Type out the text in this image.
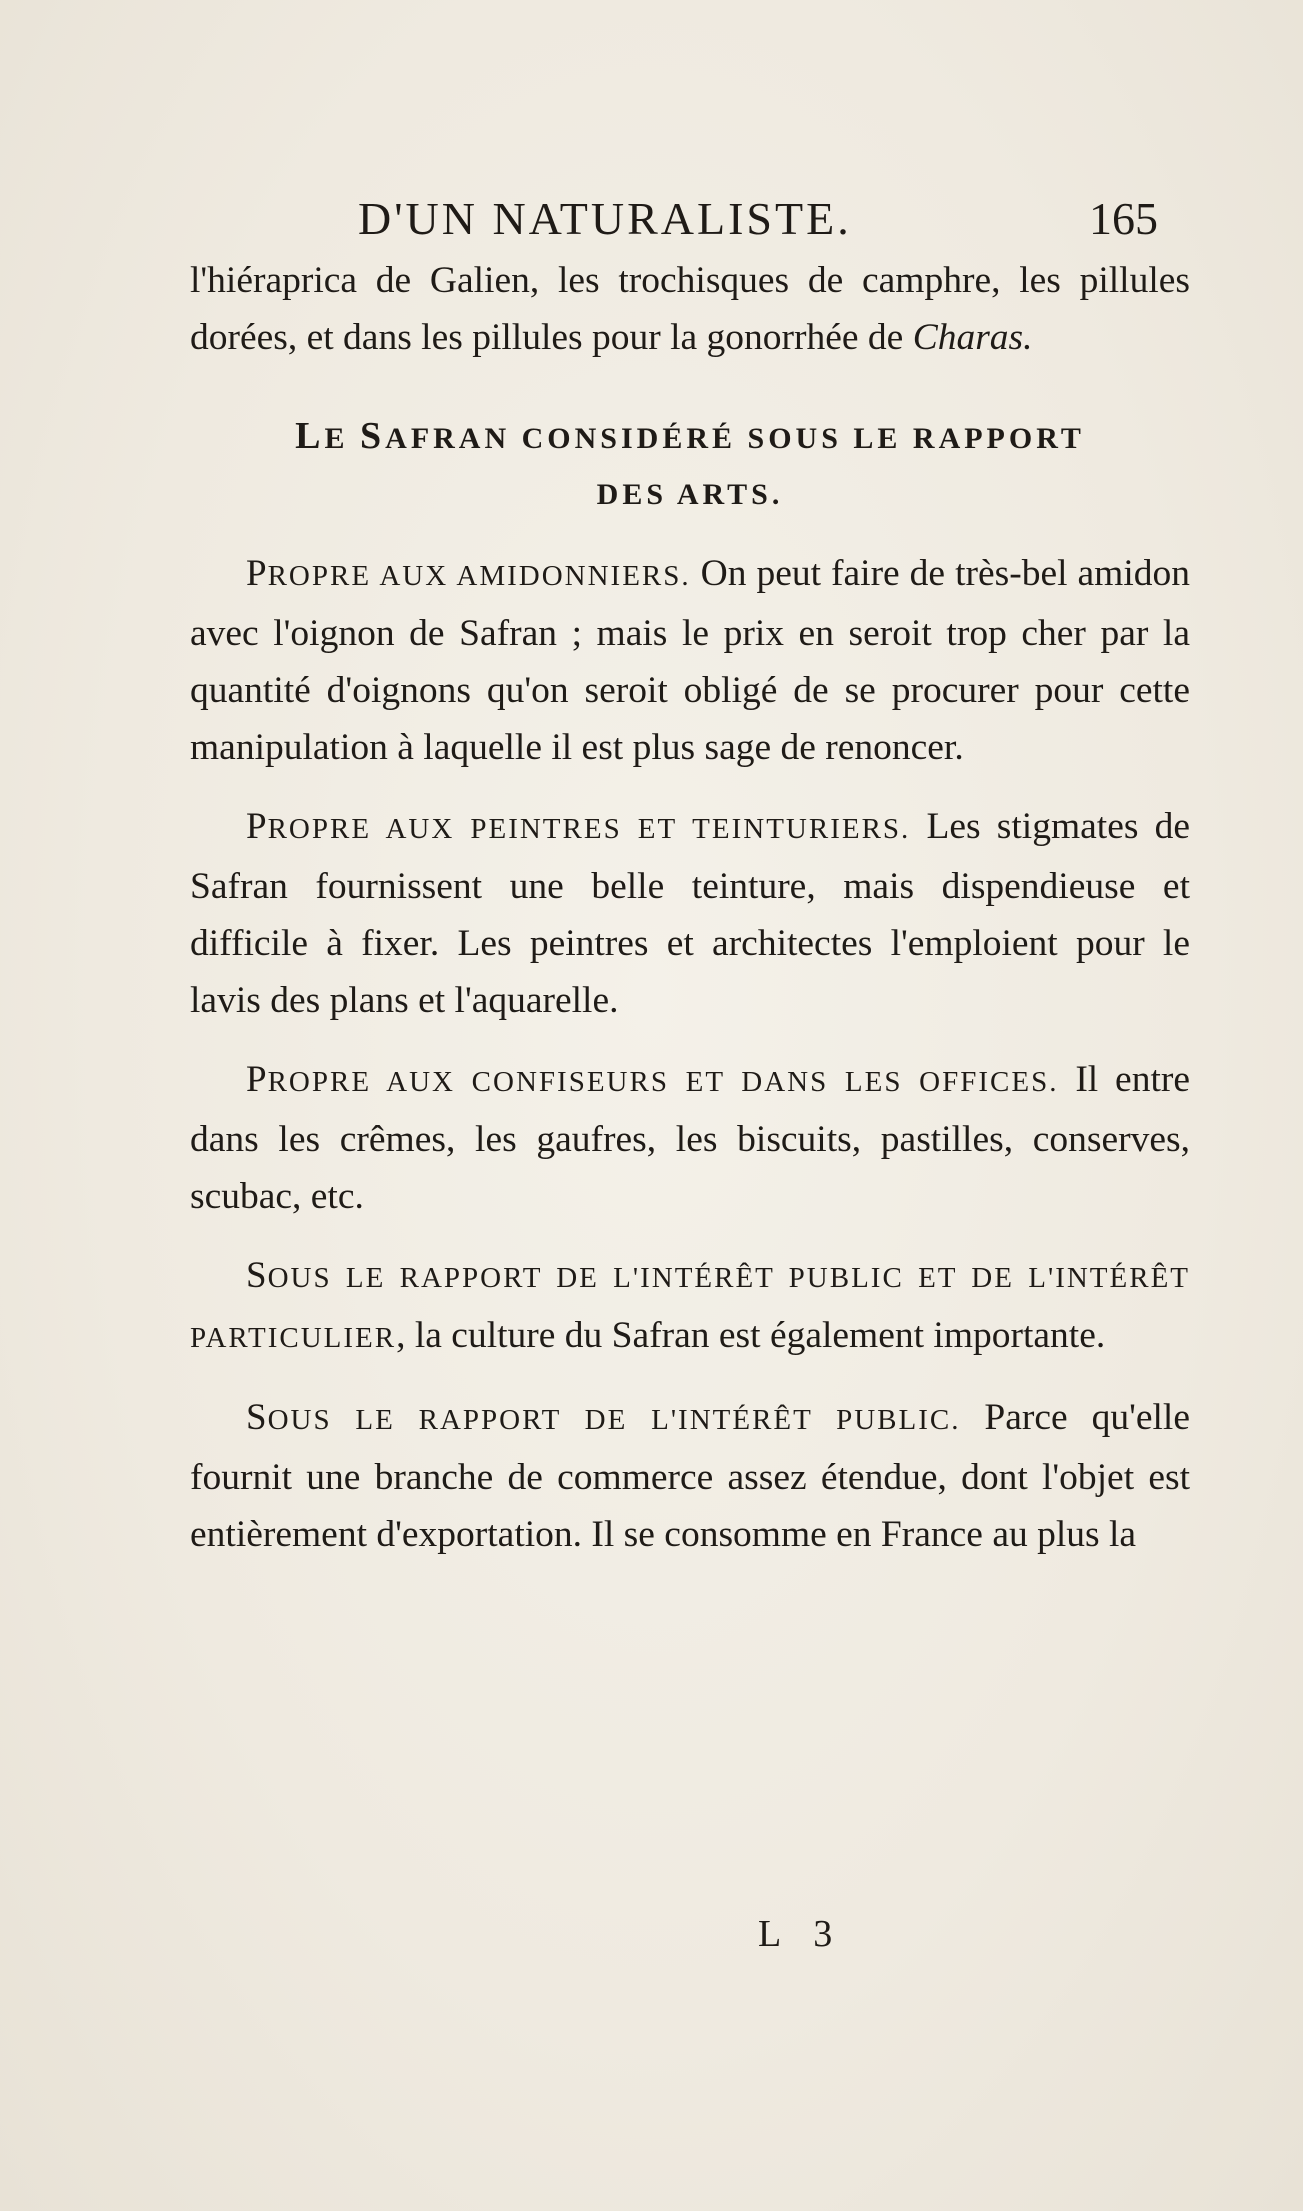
D'UN NATURALISTE.	165

l'hiéraprica de Galien, les trochisques de camphre, les pillules dorées, et dans les pillules pour la gonorrhée de Charas.

LE SAFRAN CONSIDÉRÉ SOUS LE RAPPORT
DES ARTS.

PROPRE AUX AMIDONNIERS. On peut faire de très-bel amidon avec l'oignon de Safran ; mais le prix en seroit trop cher par la quantité d'oignons qu'on seroit obligé de se procurer pour cette manipulation à laquelle il est plus sage de renoncer.

PROPRE AUX PEINTRES ET TEINTURIERS. Les stigmates de Safran fournissent une belle teinture, mais dispendieuse et difficile à fixer. Les peintres et architectes l'emploient pour le lavis des plans et l'aquarelle.

PROPRE AUX CONFISEURS ET DANS LES OFFICES. Il entre dans les crêmes, les gaufres, les biscuits, pastilles, conserves, scubac, etc.

SOUS LE RAPPORT DE L'INTÉRÊT PUBLIC ET DE L'INTÉRÊT PARTICULIER, la culture du Safran est également importante.

SOUS LE RAPPORT DE L'INTÉRÊT PUBLIC. Parce qu'elle fournit une branche de commerce assez étendue, dont l'objet est entièrement d'exportation. Il se consomme en France au plus la

L 3
